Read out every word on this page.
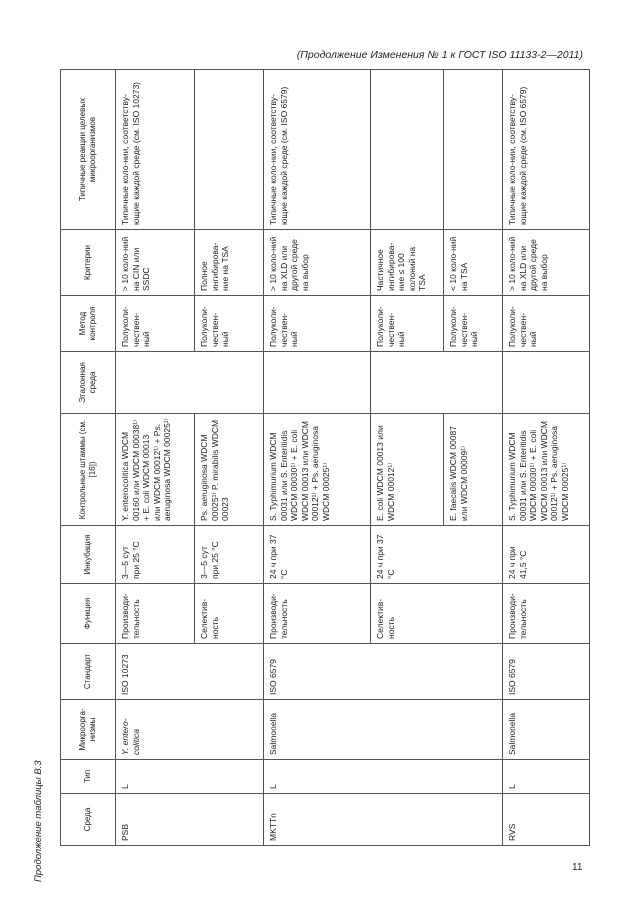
(Продолжение Изменения № 1 к ГОСТ ISO 11133-2—2011)
Продолжение таблицы В.3	11
Среда	Тип	Микроорга-низмы	Стандарт	Функция	Инкубация	Контрольные штаммы (см. [16])	Эталонная среда	Метод контроля	Критерии	Типичные реакции целевых микроорганизмов
PSB	L	Y. entero-colitica	ISO 10273	Производи-тельность	3—5 сут при 25 °C	Y. enterocolitica WDCM 00160 или WDCM 00038¹⁾ + E. coli WDCM 00013 или WDCM 00012¹⁾ + Ps. aeruginosa WDCM 00025¹⁾		Полуколи-чествен-ный	> 10 коло-ний на CIN или SSDC	Типичные коло-нии, соответству-ющие каждой среде (см. ISO 10273)
				Селектив-ность	3—5 сут при 25 °C	Ps. aeruginosa WDCM 00025¹⁾ P. mirabilis WDCM 00023		Полуколи-чествен-ный	Полное ингибирова-ние на TSA	
MKTTn	L	Salmonella	ISO 6579	Производи-тельность	24 ч при 37 °C	S. Typhimurium WDCM 00031 или S. Enteritidis WDCM 00030¹⁾ + E. coli WDCM 00013 или WDCM 00012¹⁾ + Ps. aeruginosa WDCM 00025¹⁾		Полуколи-чествен-ный	> 10 коло-ний на XLD или другой среде на выбор	Типичные коло-нии, соответству-ющие каждой среде (см. ISO 6579)
				Селектив-ность	24 ч при 37 °C	E. coli WDCM 00013 или WDCM 00012¹⁾		Полуколи-чествен-ный	Частичное ингибирова-ние ≤ 100 колоний на TSA	
						E. faecalis WDCM 00087 или WDCM 00009¹⁾		Полуколи-чествен-ный	< 10 коло-ний на TSA	
RVS	L	Salmonella	ISO 6579	Производи-тельность	24 ч при 41,5 °C	S. Typhimurium WDCM 00031 или S. Enteritidis WDCM 00030¹⁾ + E. coli WDCM 00013 или WDCM 00012¹⁾ + Ps. aeruginosa WDCM 00025¹⁾		Полуколи-чествен-ный	> 10 коло-ний на XLD или другой среде на выбор	Типичные коло-нии, соответству-ющие каждой среде (см. ISO 6579)
